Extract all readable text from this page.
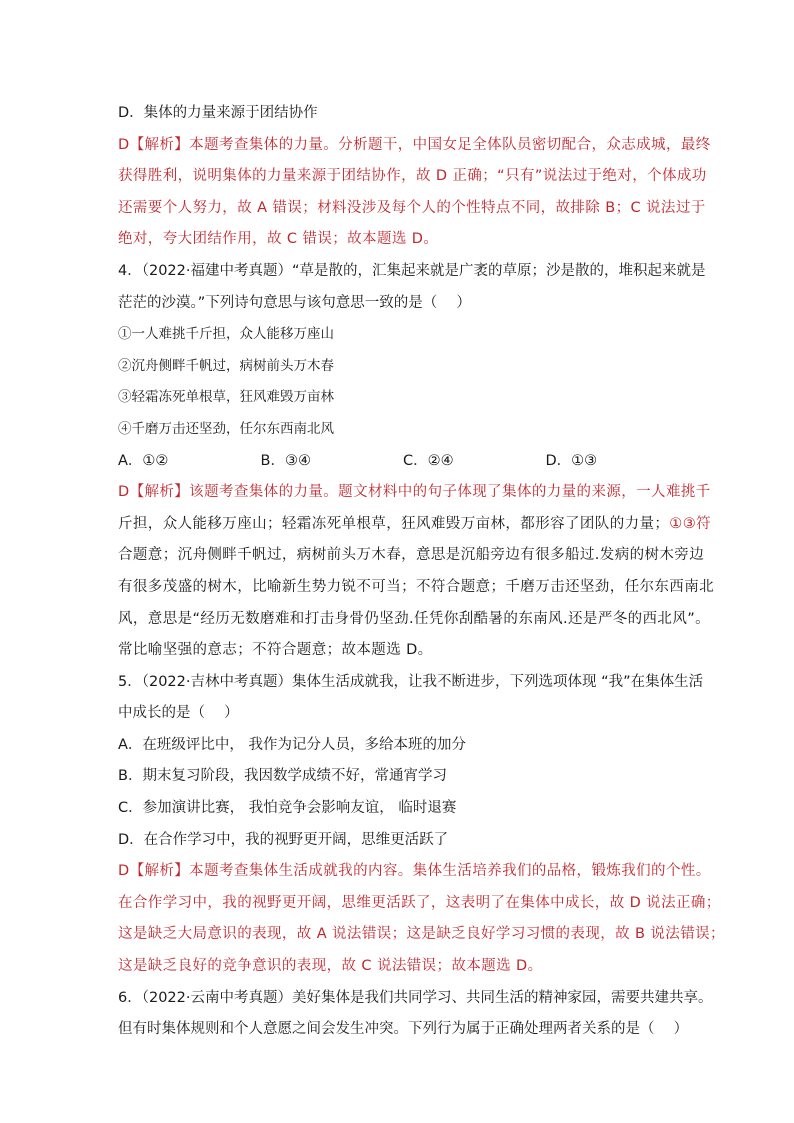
D．集体的力量来源于团结协作
D【解析】本题考查集体的力量。分析题干，中国女足全体队员密切配合，众志成城，最终
获得胜利，说明集体的力量来源于团结协作，故 D 正确；“只有”说法过于绝对，个体成功
还需要个人努力，故 A 错误；材料没涉及每个人的个性特点不同，故排除 B；C 说法过于
绝对，夸大团结作用，故 C 错误；故本题选 D。
4．（2022·福建中考真题）“草是散的，汇集起来就是广袤的草原；沙是散的，堆积起来就是
茫茫的沙漠。”下列诗句意思与该句意思一致的是（　 ）
①一人难挑千斤担，众人能移万座山
②沉舟侧畔千帆过，病树前头万木春
③轻霜冻死单根草，狂风难毁万亩林
④千磨万击还坚劲，任尔东西南北风
A．①②	B．③④	C．②④	D．①③
D【解析】该题考查集体的力量。题文材料中的句子体现了集体的力量的来源，一人难挑千
斤担，众人能移万座山；轻霜冻死单根草，狂风难毁万亩林，都形容了团队的力量；①③符
合题意；沉舟侧畔千帆过，病树前头万木春，意思是沉船旁边有很多船过.发病的树木旁边
有很多茂盛的树木，比喻新生势力锐不可当；不符合题意；千磨万击还坚劲，任尔东西南北
风，意思是“经历无数磨难和打击身骨仍坚劲.任凭你刮酷暑的东南风.还是严冬的西北风”。
常比喻坚强的意志；不符合题意；故本题选 D。
5．（2022·吉林中考真题）集体生活成就我，让我不断进步，下列选项体现 “我”在集体生活
中成长的是（　 ）
A．在班级评比中， 我作为记分人员，多给本班的加分
B．期末复习阶段，我因数学成绩不好，常通宵学习
C．参加演讲比赛， 我怕竞争会影响友谊， 临时退赛
D．在合作学习中，我的视野更开阔，思维更活跃了
D【解析】本题考查集体生活成就我的内容。集体生活培养我们的品格，锻炼我们的个性。
在合作学习中，我的视野更开阔，思维更活跃了，这表明了在集体中成长，故 D 说法正确；
这是缺乏大局意识的表现，故 A 说法错误；这是缺乏良好学习习惯的表现，故 B 说法错误；
这是缺乏良好的竞争意识的表现，故 C 说法错误；故本题选 D。
6．（2022·云南中考真题）美好集体是我们共同学习、共同生活的精神家园，需要共建共享。
但有时集体规则和个人意愿之间会发生冲突。下列行为属于正确处理两者关系的是（　 ）
